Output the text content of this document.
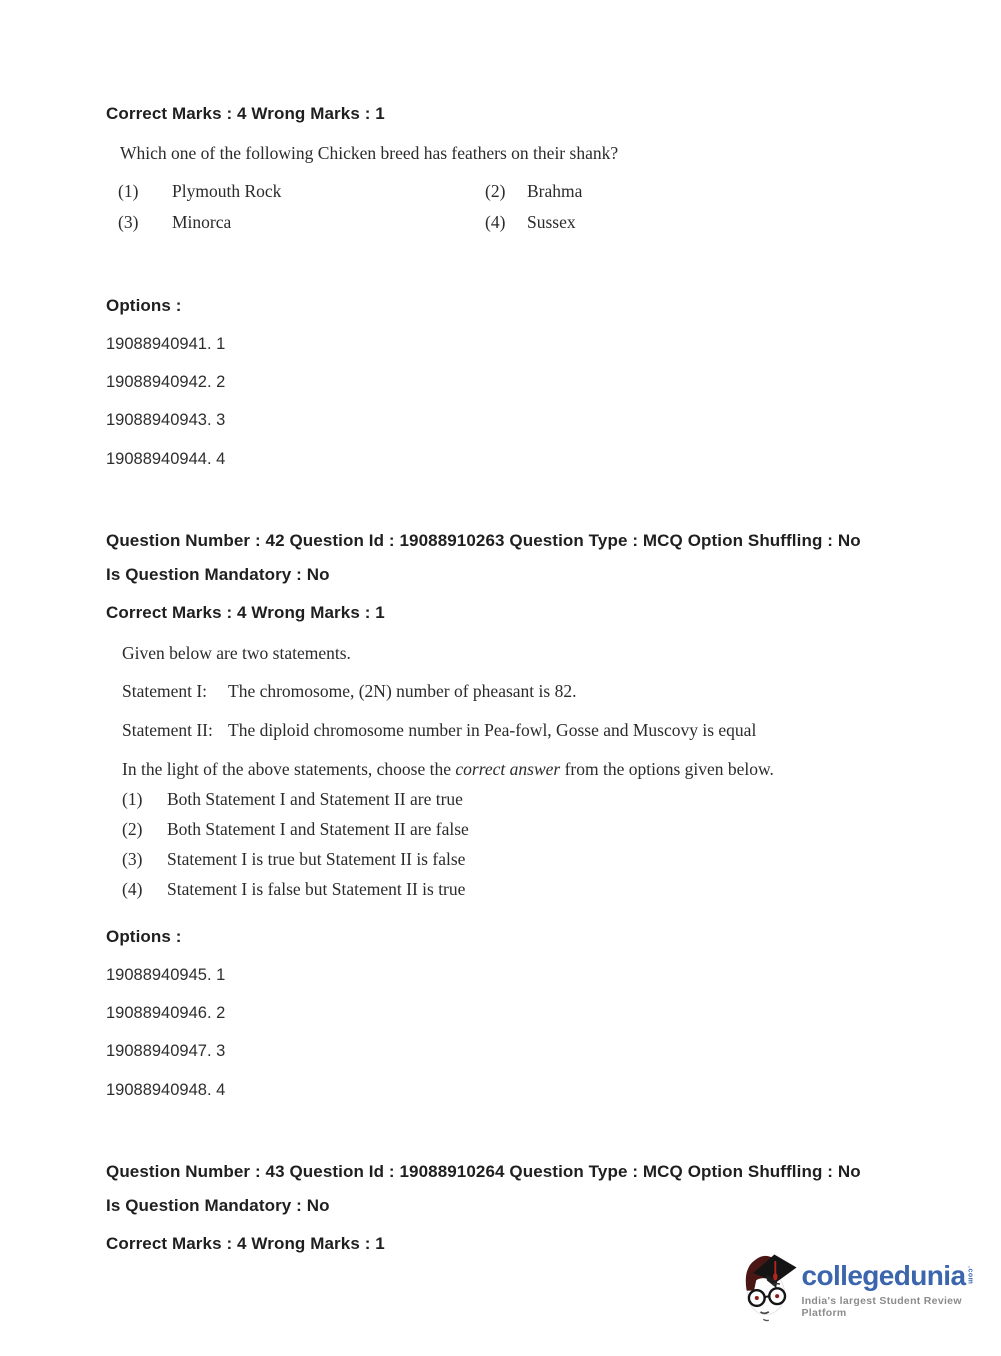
Correct Marks : 4 Wrong Marks : 1
Which one of the following Chicken breed has feathers on their shank?
(1)	Plymouth Rock	(2)	Brahma
(3)	Minorca	(4)	Sussex
Options :
19088940941. 1
19088940942. 2
19088940943. 3
19088940944. 4
Question Number : 42 Question Id : 19088910263 Question Type : MCQ Option Shuffling : No
Is Question Mandatory : No
Correct Marks : 4 Wrong Marks : 1
Given below are two statements.
Statement I:	The chromosome, (2N) number of pheasant is 82.
Statement II: The diploid chromosome number in Pea-fowl, Gosse and Muscovy is equal
In the light of the above statements, choose the correct answer from the options given below.
(1)	Both Statement I and Statement II are true
(2)	Both Statement I and Statement II are false
(3)	Statement I is true but Statement II is false
(4)	Statement I is false but Statement II is true
Options :
19088940945. 1
19088940946. 2
19088940947. 3
19088940948. 4
Question Number : 43 Question Id : 19088910264 Question Type : MCQ Option Shuffling : No
Is Question Mandatory : No
Correct Marks : 4 Wrong Marks : 1
collegedunia .com
India's largest Student Review Platform
